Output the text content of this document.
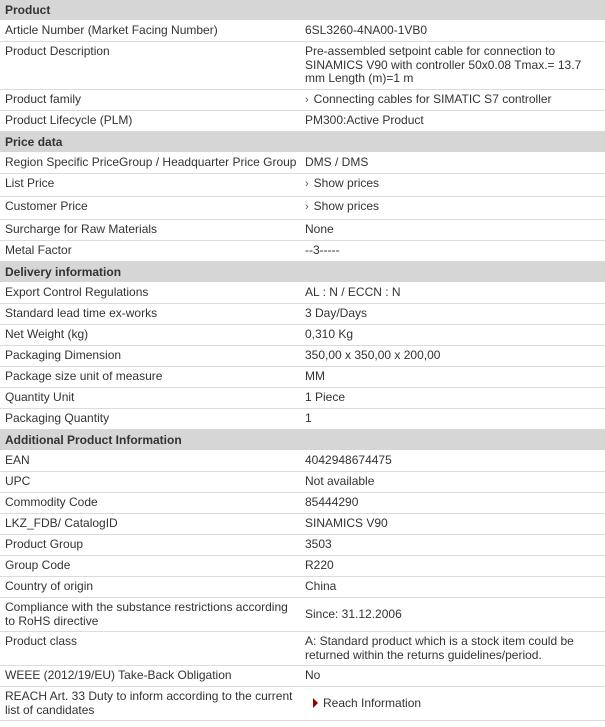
Product	
Article Number (Market Facing Number)	6SL3260-4NA00-1VB0
Product Description	Pre-assembled setpoint cable for connection to SINAMICS V90 with controller 50x0.08 Tmax.= 13.7 mm Length (m)=1 m
Product family	› Connecting cables for SIMATIC S7 controller
Product Lifecycle (PLM)	PM300:Active Product
Price data	
Region Specific PriceGroup / Headquarter Price Group	DMS / DMS
List Price	› Show prices
Customer Price	› Show prices
Surcharge for Raw Materials	None
Metal Factor	--3-----
Delivery information	
Export Control Regulations	AL : N / ECCN : N
Standard lead time ex-works	3 Day/Days
Net Weight (kg)	0,310 Kg
Packaging Dimension	350,00 x 350,00 x 200,00
Package size unit of measure	MM
Quantity Unit	1 Piece
Packaging Quantity	1
Additional Product Information	
EAN	4042948674475
UPC	Not available
Commodity Code	85444290
LKZ_FDB/ CatalogID	SINAMICS V90
Product Group	3503
Group Code	R220
Country of origin	China
Compliance with the substance restrictions according to RoHS directive	Since: 31.12.2006
Product class	A: Standard product which is a stock item could be returned within the returns guidelines/period.
WEEE (2012/19/EU) Take-Back Obligation	No
REACH Art. 33 Duty to inform according to the current list of candidates	Reach Information
